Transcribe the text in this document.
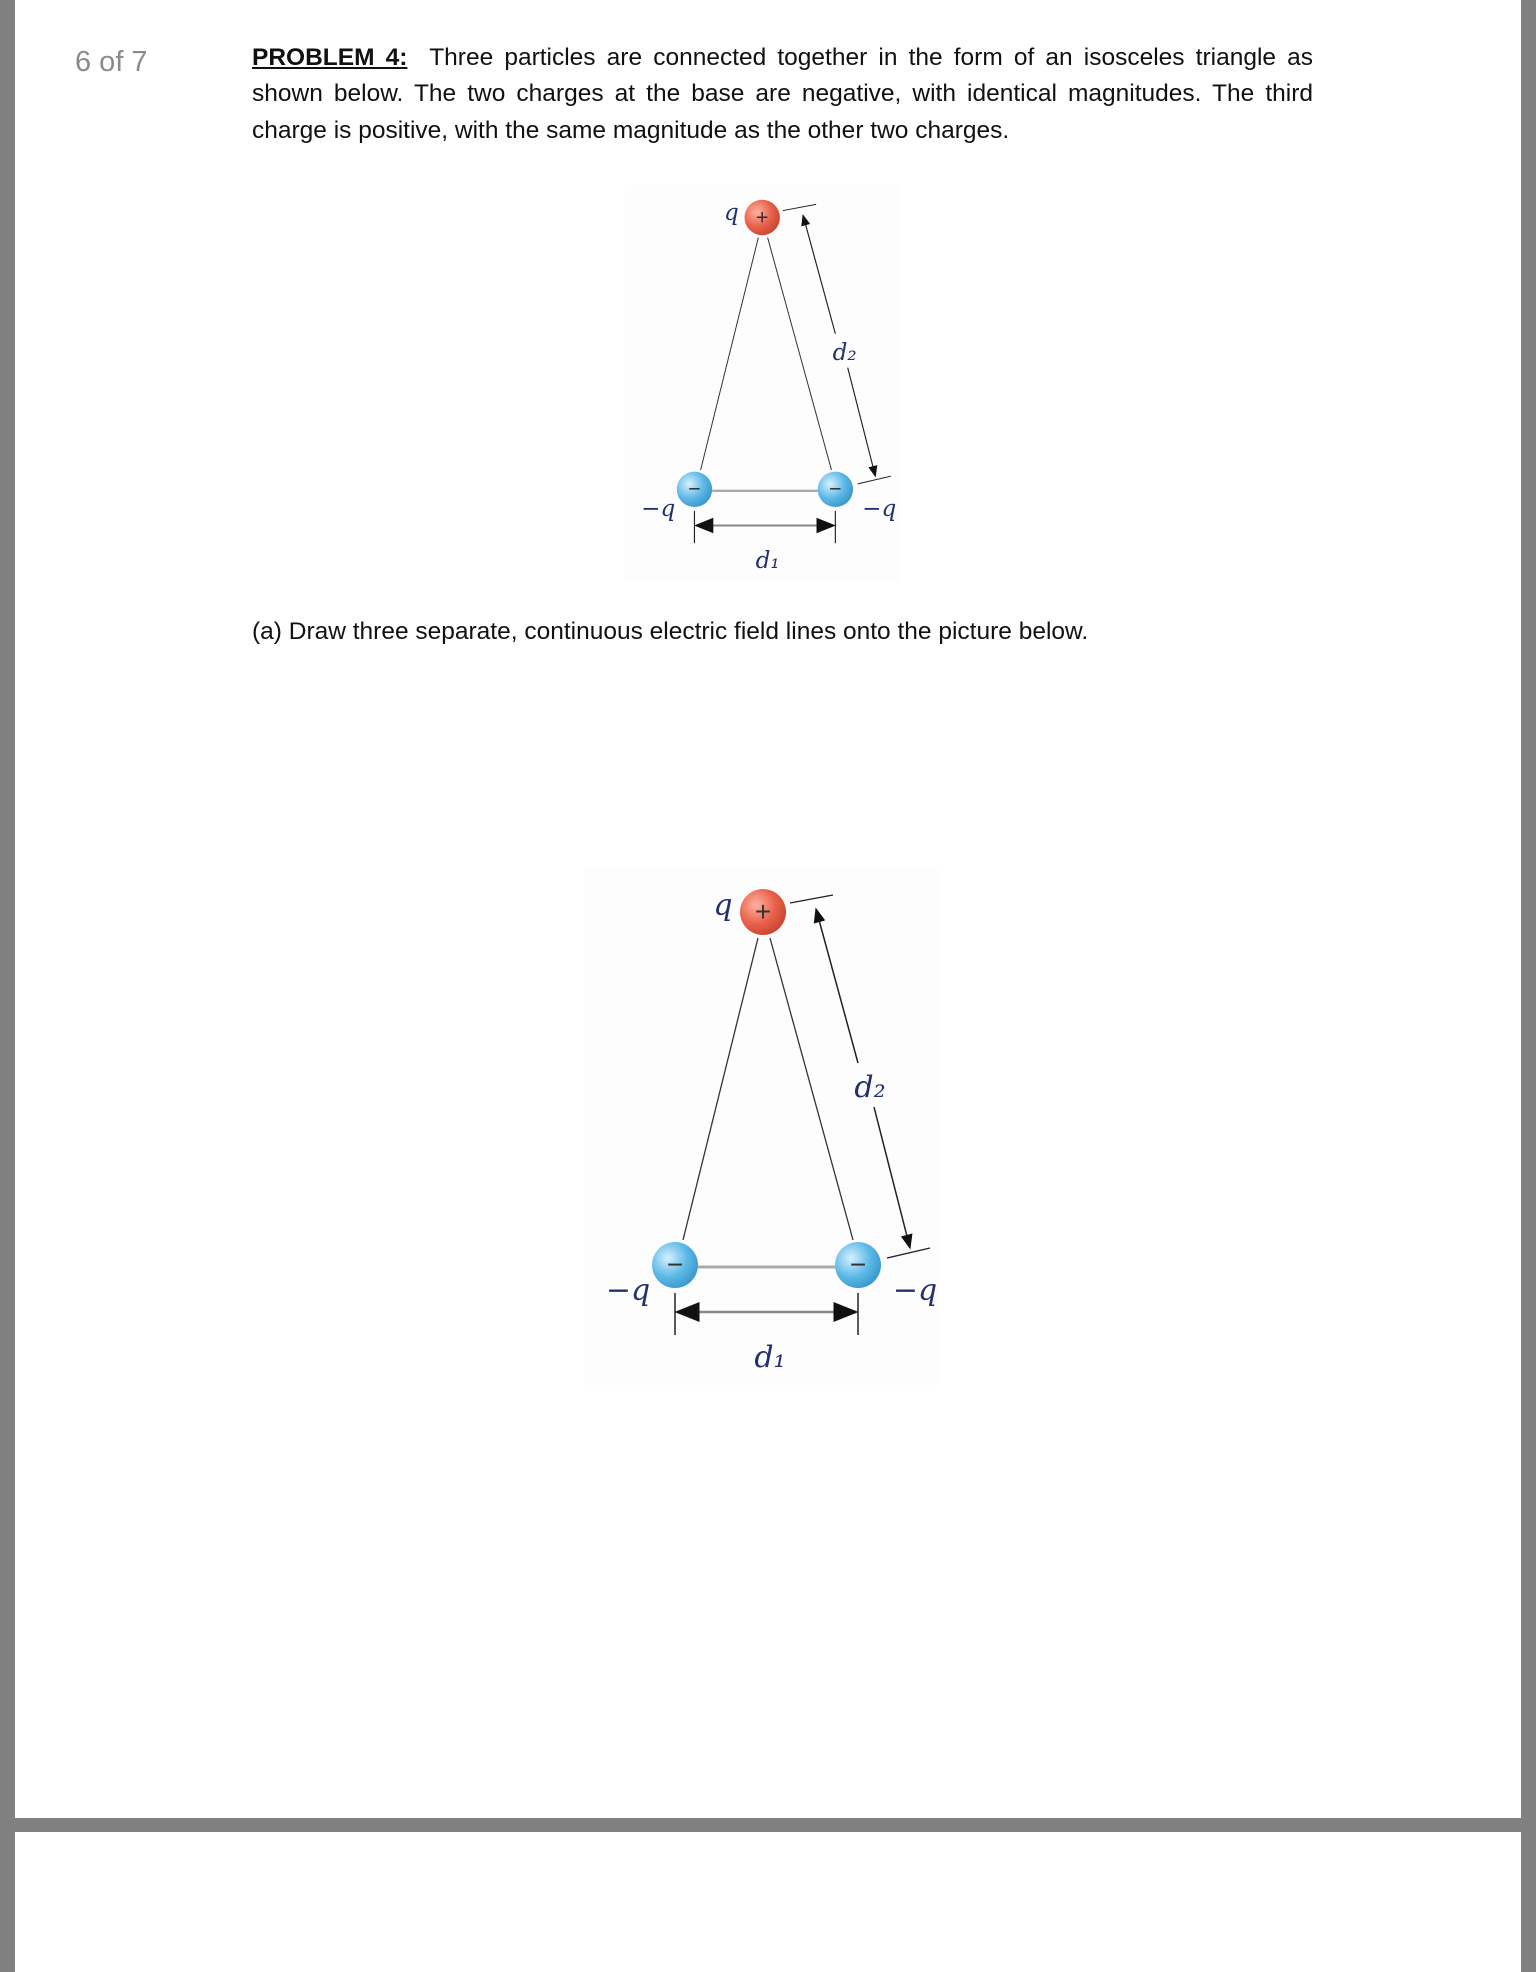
6 of 7	PROBLEM 4: Three particles are connected together in the form of an isosceles triangle as shown below. The two charges at the base are negative, with identical magnitudes. The third charge is positive, with the same magnitude as the other two charges.
(a) Draw three separate, continuous electric field lines onto the picture below.
+
−	−
q
−q	−q
d₂
d₁
+
−	−
q
−q	−q
d₂
d₁
